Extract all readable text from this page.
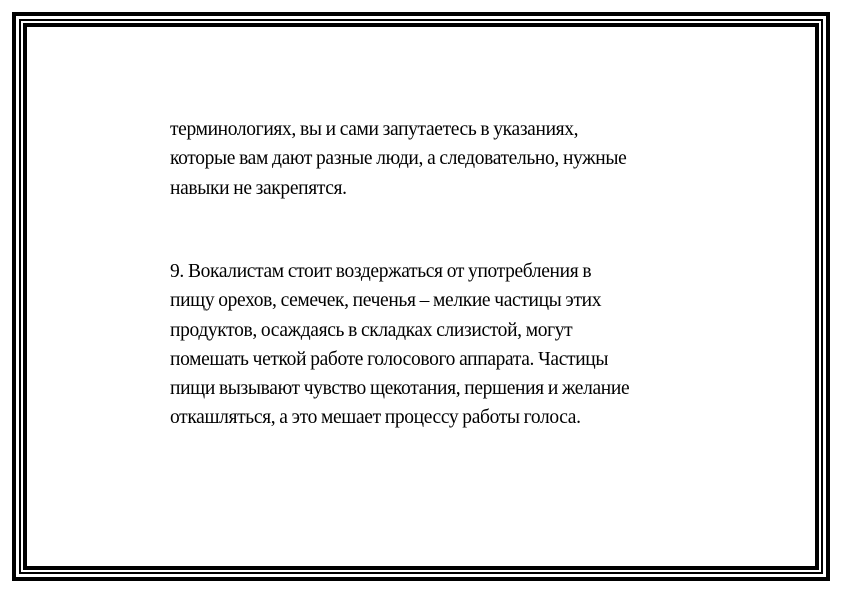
терминологиях, вы и сами запутаетесь в указаниях,
которые вам дают разные люди, а следовательно, нужные
навыки не закрепятся.
9. Вокалистам стоит воздержаться от употребления в
пищу орехов, семечек, печенья – мелкие частицы этих
продуктов, осаждаясь в складках слизистой, могут
помешать четкой работе голосового аппарата. Частицы
пищи вызывают чувство щекотания, першения и желание
откашляться, а это мешает процессу работы голоса.
